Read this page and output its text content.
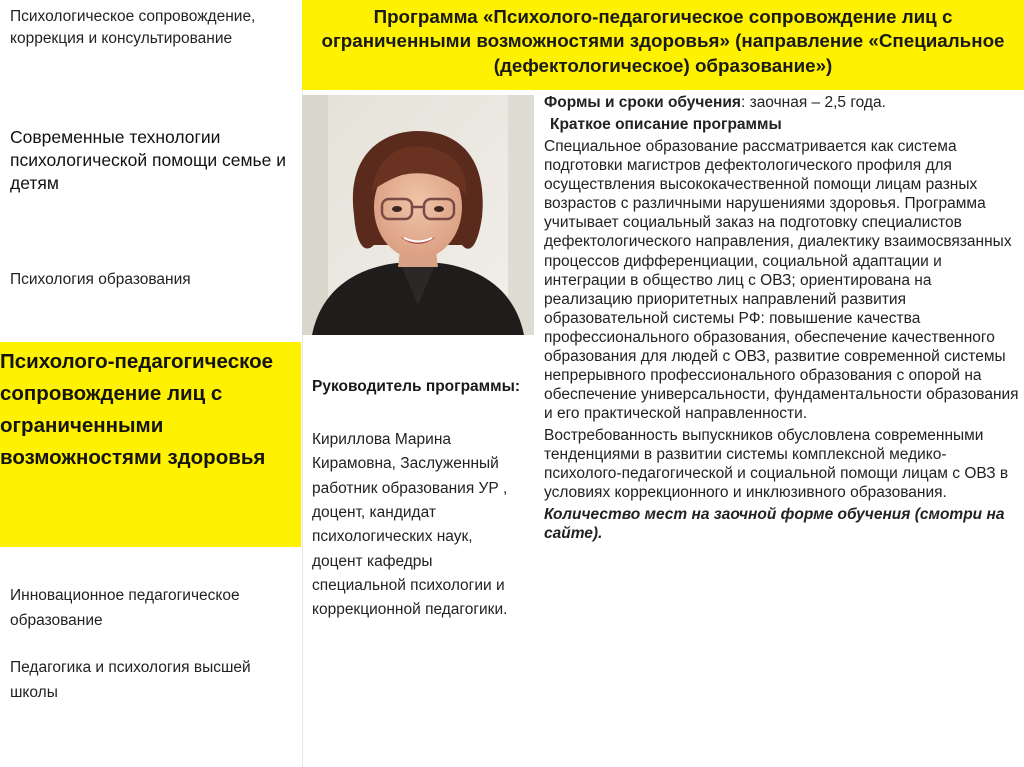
Психологическое сопровождение, коррекция и консультирование
Современные технологии психологической помощи семье и детям
Психология образования
Инновационное педагогическое образование
Педагогика и психология высшей школы
Психолого-педагогическое сопровождение лиц с ограниченными возможностями здоровья
Программа «Психолого-педагогическое сопровождение лиц с ограниченными возможностями здоровья» (направление «Специальное (дефектологическое) образование»)
Руководитель программы:
Кириллова Марина Кирамовна, Заслуженный работник образования УР , доцент, кандидат психологических наук, доцент кафедры специальной психологии и коррекционной педагогики.

Формы и сроки обучения: заочная – 2,5 года.

Краткое описание программы

Специальное образование рассматривается как система подготовки магистров дефектологического профиля для осуществления высококачественной помощи лицам разных возрастов с различными нарушениями здоровья. Программа учитывает социальный заказ на подготовку специалистов дефектологического направления, диалектику взаимосвязанных процессов дифференциации, социальной адаптации и интеграции в общество лиц с ОВЗ; ориентирована на реализацию приоритетных направлений развития образовательной системы РФ: повышение качества профессионального образования, обеспечение качественного образования для людей с ОВЗ, развитие современной системы непрерывного профессионального образования с опорой на обеспечение универсальности, фундаментальности образования и его практической направленности.

Востребованность выпускников обусловлена современными тенденциями в развитии системы комплексной медико-психолого-педагогической и социальной помощи лицам с ОВЗ в условиях коррекционного и инклюзивного образования.

Количество мест на заочной форме обучения (смотри на сайте).
